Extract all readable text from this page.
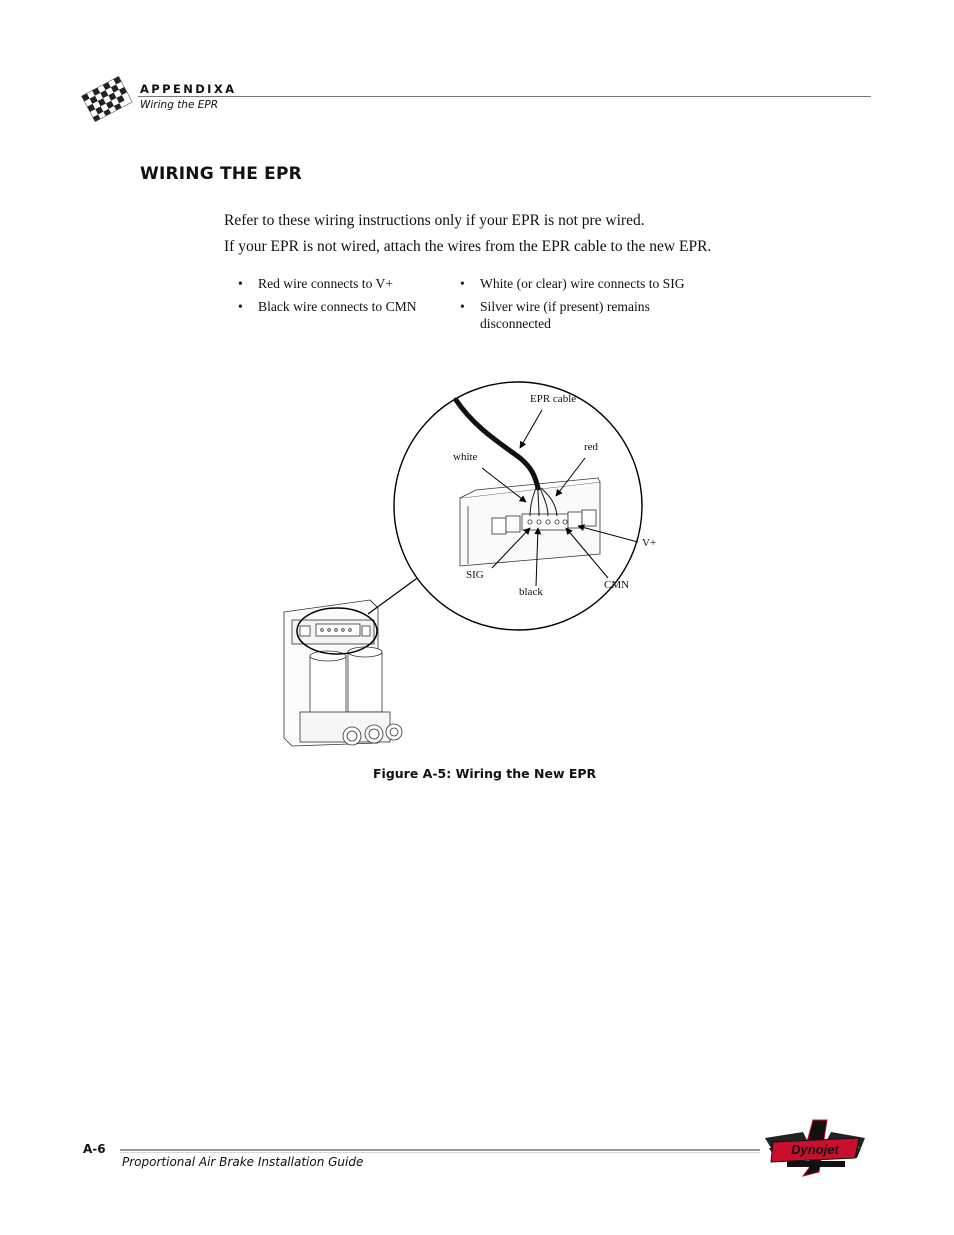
APPENDIXA
Wiring the EPR
WIRING THE EPR
Refer to these wiring instructions only if your EPR is not pre wired.
If your EPR is not wired, attach the wires from the EPR cable to the new EPR.
• Red wire connects to V+
• Black wire connects to CMN
• White (or clear) wire connects to SIG
• Silver wire (if present) remains disconnected
EPR cable
red
white
V+
SIG
CMN
black
Figure A-5: Wiring the New EPR
A-6
Proportional Air Brake Installation Guide
Dynojet
